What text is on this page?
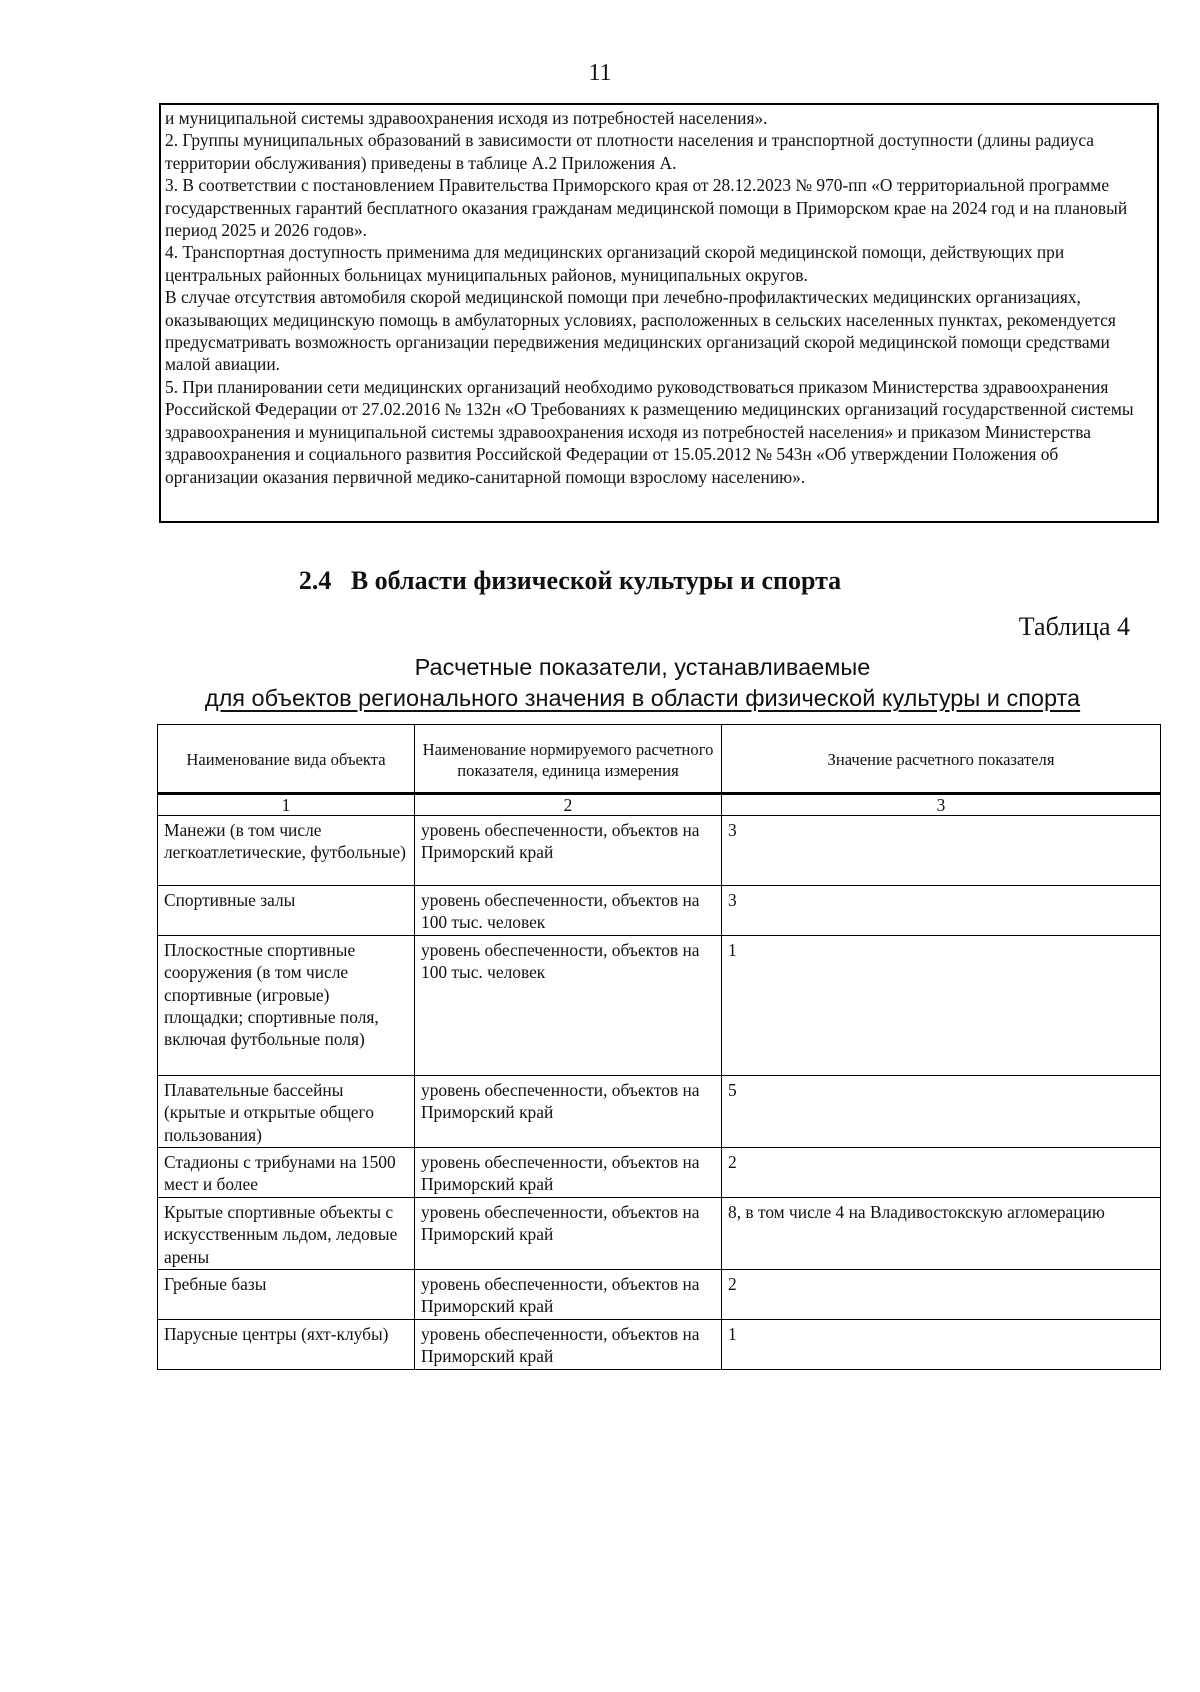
11

и муниципальной системы здравоохранения исходя из потребностей населения».

2. Группы муниципальных образований в зависимости от плотности населения и транспортной доступности (длины радиуса территории обслуживания) приведены в таблице А.2 Приложения А.

3. В соответствии с постановлением Правительства Приморского края от 28.12.2023 № 970-пп «О территориальной программе государственных гарантий бесплатного оказания гражданам медицинской помощи в Приморском крае на 2024 год и на плановый период 2025 и 2026 годов».

4. Транспортная доступность применима для медицинских организаций скорой медицинской помощи, действующих при центральных районных больницах муниципальных районов, муниципальных округов.

В случае отсутствия автомобиля скорой медицинской помощи при лечебно-профилактических медицинских организациях, оказывающих медицинскую помощь в амбулаторных условиях, расположенных в сельских населенных пунктах, рекомендуется предусматривать возможность организации передвижения медицинских организаций скорой медицинской помощи средствами малой авиации.

5. При планировании сети медицинских организаций необходимо руководствоваться приказом Министерства здравоохранения Российской Федерации от 27.02.2016 № 132н «О Требованиях к размещению медицинских организаций государственной системы здравоохранения и муниципальной системы здравоохранения исходя из потребностей населения» и приказом Министерства здравоохранения и социального развития Российской Федерации от 15.05.2012 № 543н «Об утверждении Положения об организации оказания первичной медико-санитарной помощи взрослому населению».

2.4   В области физической культуры и спорта
Таблица 4
Расчетные показатели, устанавливаемые
для объектов регионального значения в области физической культуры и спорта
Наименование вида объекта	Наименование нормируемого расчетного показателя, единица измерения	Значение расчетного показателя
1	2	3
Манежи (в том числе легкоатлетические, футбольные)	уровень обеспеченности, объектов на Приморский край	3
Спортивные залы	уровень обеспеченности, объектов на 100 тыс. человек	3
Плоскостные спортивные сооружения (в том числе спортивные (игровые) площадки; спортивные поля, включая футбольные поля)	уровень обеспеченности, объектов на 100 тыс. человек	1
Плавательные бассейны (крытые и открытые общего пользования)	уровень обеспеченности, объектов на Приморский край	5
Стадионы с трибунами на 1500 мест и более	уровень обеспеченности, объектов на Приморский край	2
Крытые спортивные объекты с искусственным льдом, ледовые арены	уровень обеспеченности, объектов на Приморский край	8, в том числе 4 на Владивостокскую агломерацию
Гребные базы	уровень обеспеченности, объектов на Приморский край	2
Парусные центры (яхт-клубы)	уровень обеспеченности, объектов на Приморский край	1
